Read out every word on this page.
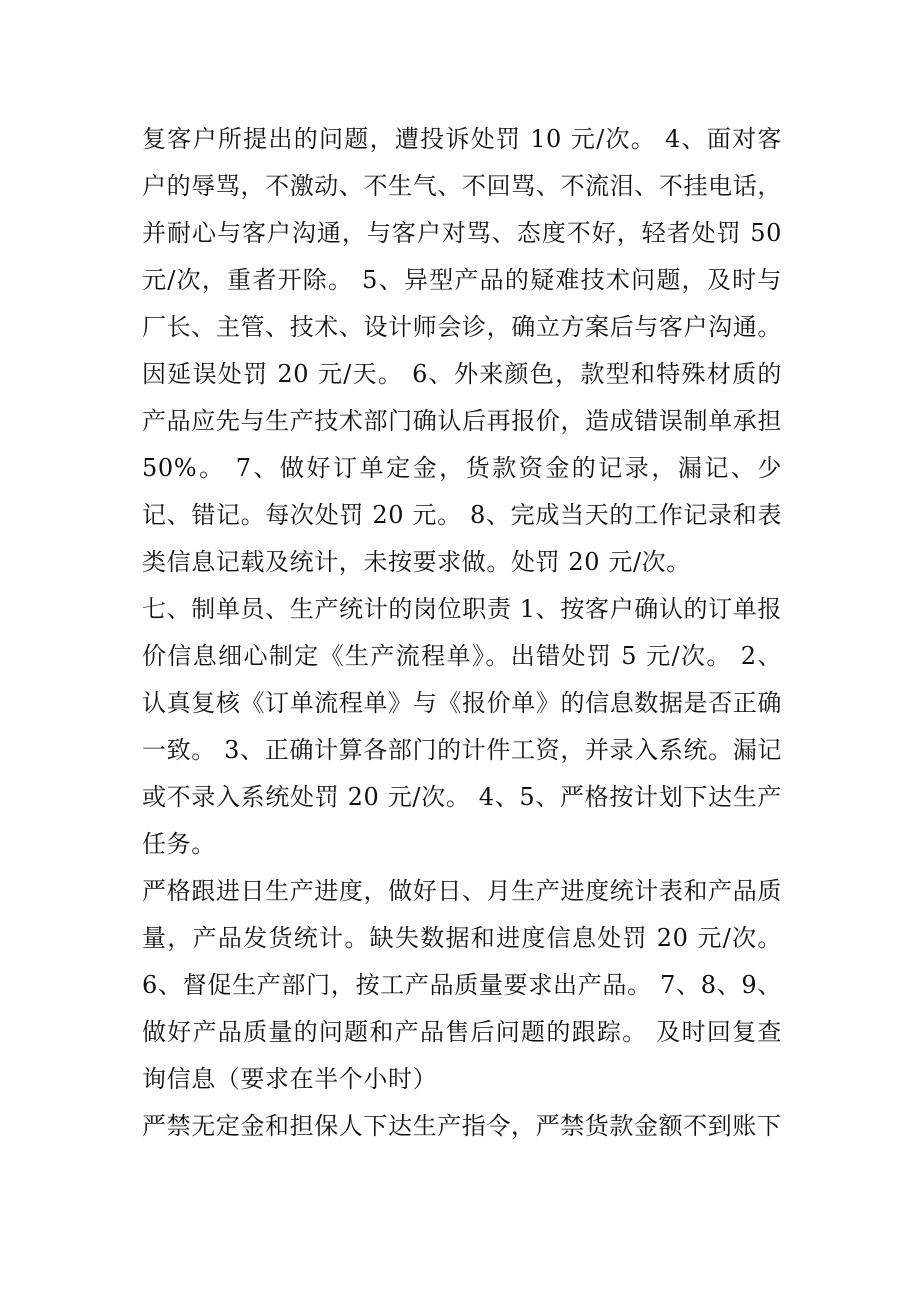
复客户所提出的问题，遭投诉处罚 10 元/次。 4、面对客户的辱骂，不激动、不生气、不回骂、不流泪、不挂电话，并耐心与客户沟通，与客户对骂、态度不好，轻者处罚 50 元/次，重者开除。 5、异型产品的疑难技术问题，及时与厂长、主管、技术、设计师会诊，确立方案后与客户沟通。因延误处罚 20 元/天。 6、外来颜色，款型和特殊材质的产品应先与生产技术部门确认后再报价，造成错误制单承担 50%。 7、做好订单定金，货款资金的记录，漏记、少记、错记。每次处罚 20 元。 8、完成当天的工作记录和表类信息记载及统计，未按要求做。处罚 20 元/次。

七、制单员、生产统计的岗位职责 1、按客户确认的订单报价信息细心制定《生产流程单》。出错处罚 5 元/次。 2、认真复核《订单流程单》与《报价单》的信息数据是否正确一致。 3、正确计算各部门的计件工资，并录入系统。漏记或不录入系统处罚 20 元/次。 4、5、严格按计划下达生产任务。

严格跟进日生产进度，做好日、月生产进度统计表和产品质量，产品发货统计。缺失数据和进度信息处罚 20 元/次。 6、督促生产部门，按工产品质量要求出产品。 7、8、9、做好产品质量的问题和产品售后问题的跟踪。 及时回复查询信息（要求在半个小时）

严禁无定金和担保人下达生产指令，严禁货款金额不到账下
